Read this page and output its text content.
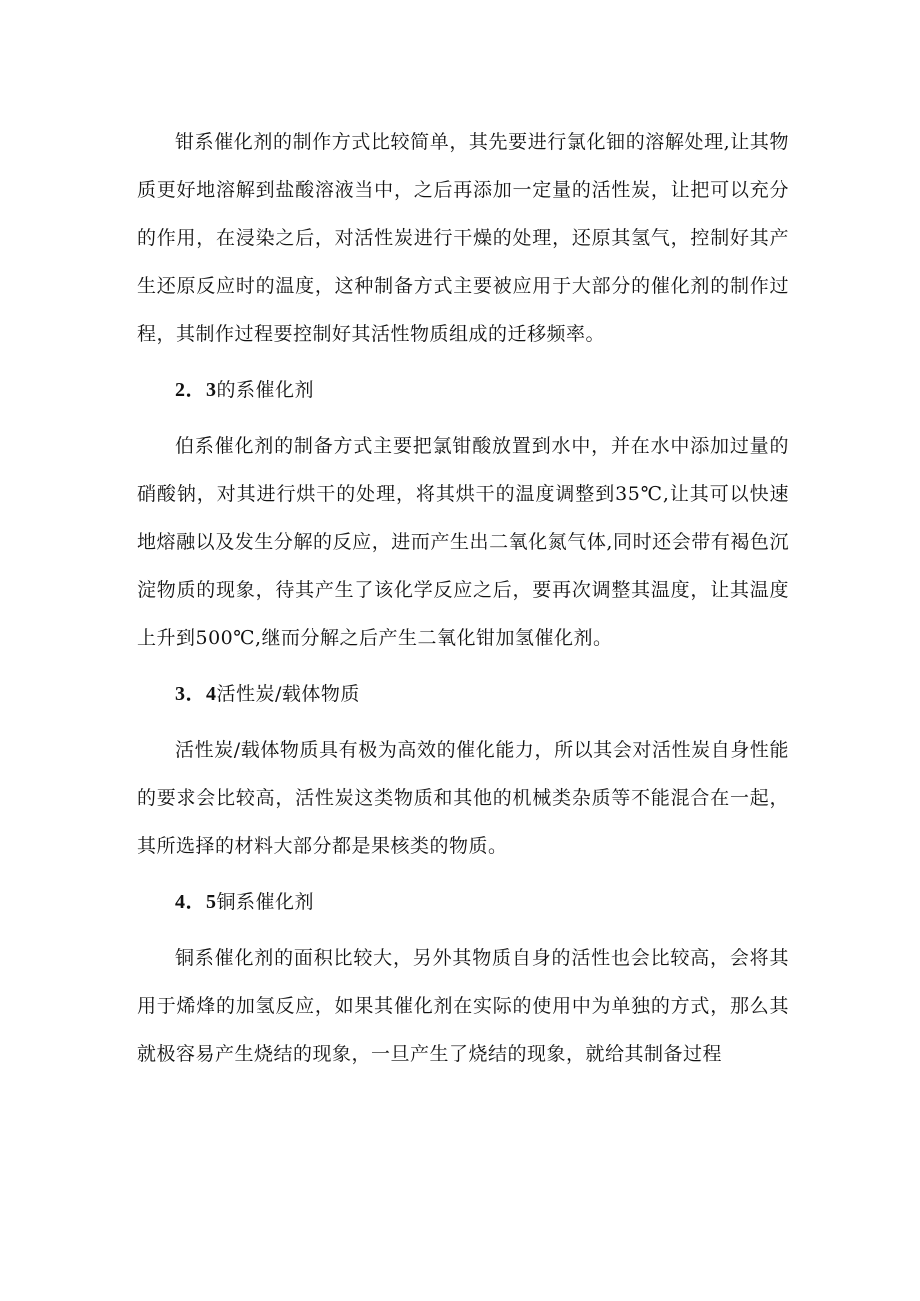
钳系催化剂的制作方式比较简单，其先要进行氯化钿的溶解处理,让其物质更好地溶解到盐酸溶液当中，之后再添加一定量的活性炭，让把可以充分的作用，在浸染之后，对活性炭进行干燥的处理，还原其氢气，控制好其产生还原反应时的温度，这种制备方式主要被应用于大部分的催化剂的制作过程，其制作过程要控制好其活性物质组成的迁移频率。

2．3的系催化剂

伯系催化剂的制备方式主要把氯钳酸放置到水中，并在水中添加过量的硝酸钠，对其进行烘干的处理，将其烘干的温度调整到35℃,让其可以快速地熔融以及发生分解的反应，进而产生出二氧化氮气体,同时还会带有褐色沉淀物质的现象，待其产生了该化学反应之后，要再次调整其温度，让其温度上升到500℃,继而分解之后产生二氧化钳加氢催化剂。

3．4活性炭/载体物质

活性炭/载体物质具有极为高效的催化能力，所以其会对活性炭自身性能的要求会比较高，活性炭这类物质和其他的机械类杂质等不能混合在一起，其所选择的材料大部分都是果核类的物质。

4．5铜系催化剂

铜系催化剂的面积比较大，另外其物质自身的活性也会比较高，会将其用于烯烽的加氢反应，如果其催化剂在实际的使用中为单独的方式，那么其就极容易产生烧结的现象，一旦产生了烧结的现象，就给其制备过程
